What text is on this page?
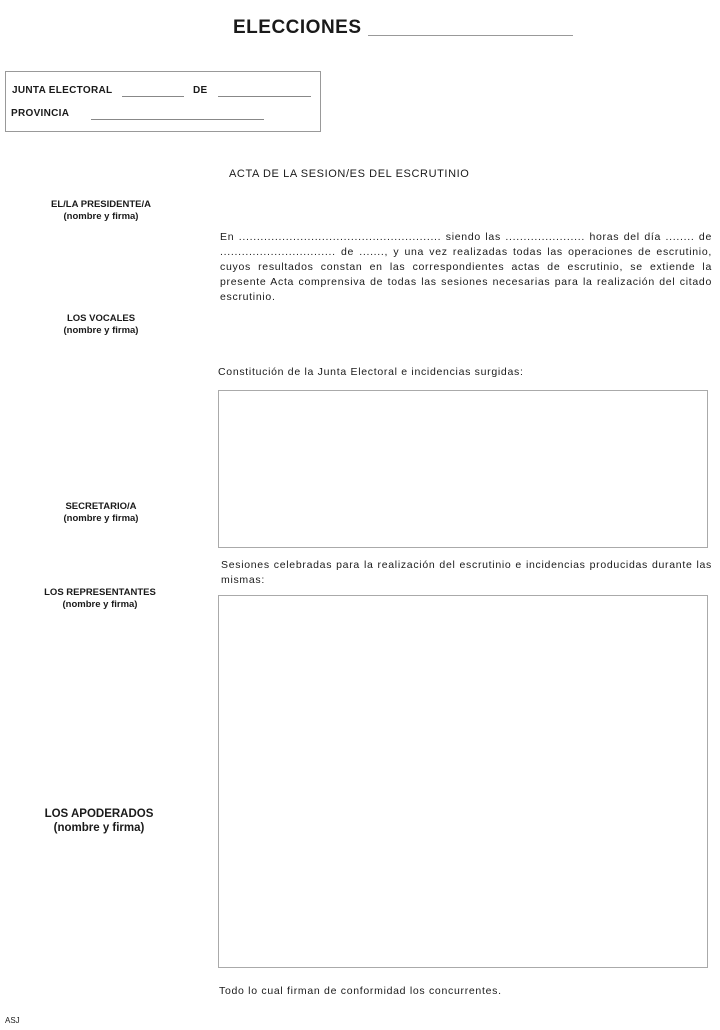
ELECCIONES
JUNTA ELECTORAL	DE
PROVINCIA
ACTA DE LA SESION/ES DEL ESCRUTINIO
EL/LA PRESIDENTE/A
(nombre y firma)
LOS VOCALES
(nombre y firma)
SECRETARIO/A
(nombre y firma)
LOS REPRESENTANTES
(nombre y firma)
LOS APODERADOS
(nombre y firma)
En ........................................................ siendo las ...................... horas del día ........ de ................................ de ......., y una vez realizadas todas las operaciones de escrutinio, cuyos resultados constan en las correspondientes actas de escrutinio, se extiende la presente Acta comprensiva de todas las sesiones necesarias para la realización del citado escrutinio.
Constitución de la Junta Electoral e incidencias surgidas:
Sesiones celebradas para la realización del escrutinio e incidencias producidas durante las mismas:
Todo lo cual firman de conformidad los concurrentes.
ASJ
